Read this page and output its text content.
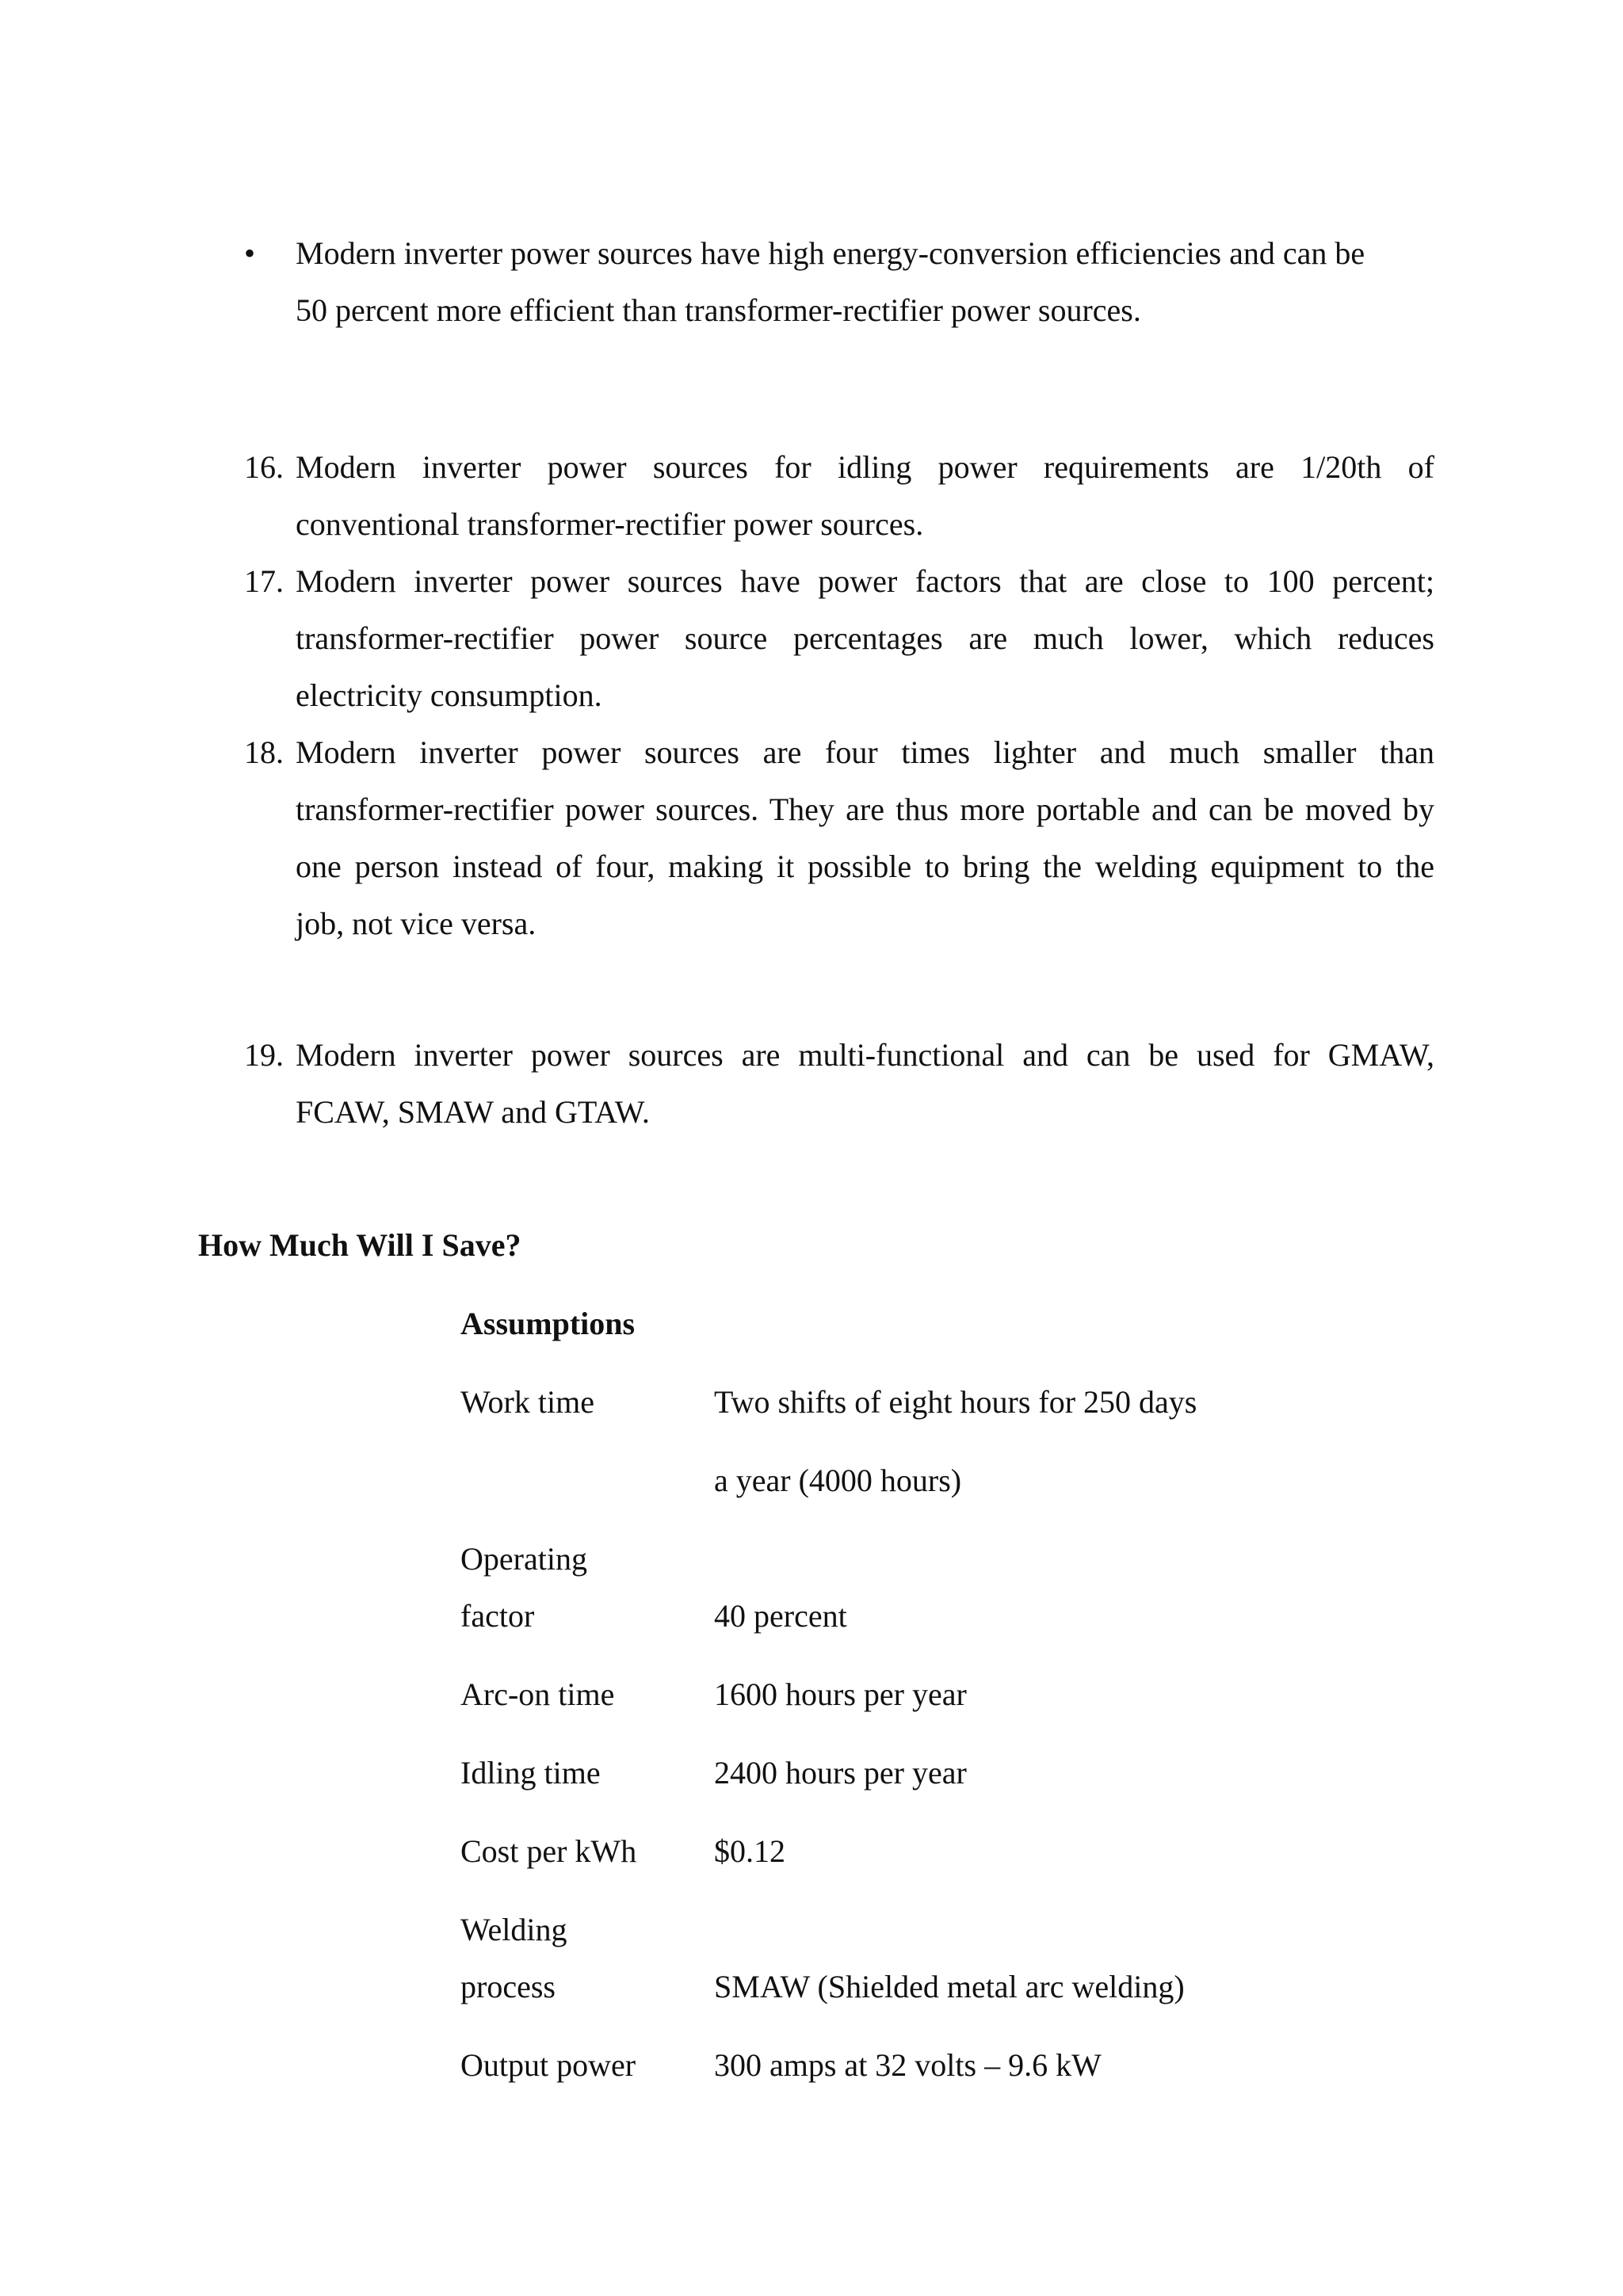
• Modern inverter power sources have high energy-conversion efficiencies and can be
50 percent more efficient than transformer-rectifier power sources.
16. Modern inverter power sources for idling power requirements are 1/20th of
conventional transformer-rectifier power sources.
17. Modern inverter power sources have power factors that are close to 100 percent;
transformer-rectifier power source percentages are much lower, which reduces
electricity consumption.
18. Modern inverter power sources are four times lighter and much smaller than
transformer-rectifier power sources. They are thus more portable and can be moved by
one person instead of four, making it possible to bring the welding equipment to the
job, not vice versa.
19. Modern inverter power sources are multi-functional and can be used for GMAW,
FCAW, SMAW and GTAW.
How Much Will I Save?
Assumptions
Work time	Two shifts of eight hours for 250 days
a year (4000 hours)
Operating
factor	40 percent
Arc-on time	1600 hours per year
Idling time	2400 hours per year
Cost per kWh $0.12
Welding
process	SMAW (Shielded metal arc welding)
Output power 300 amps at 32 volts – 9.6 kW
